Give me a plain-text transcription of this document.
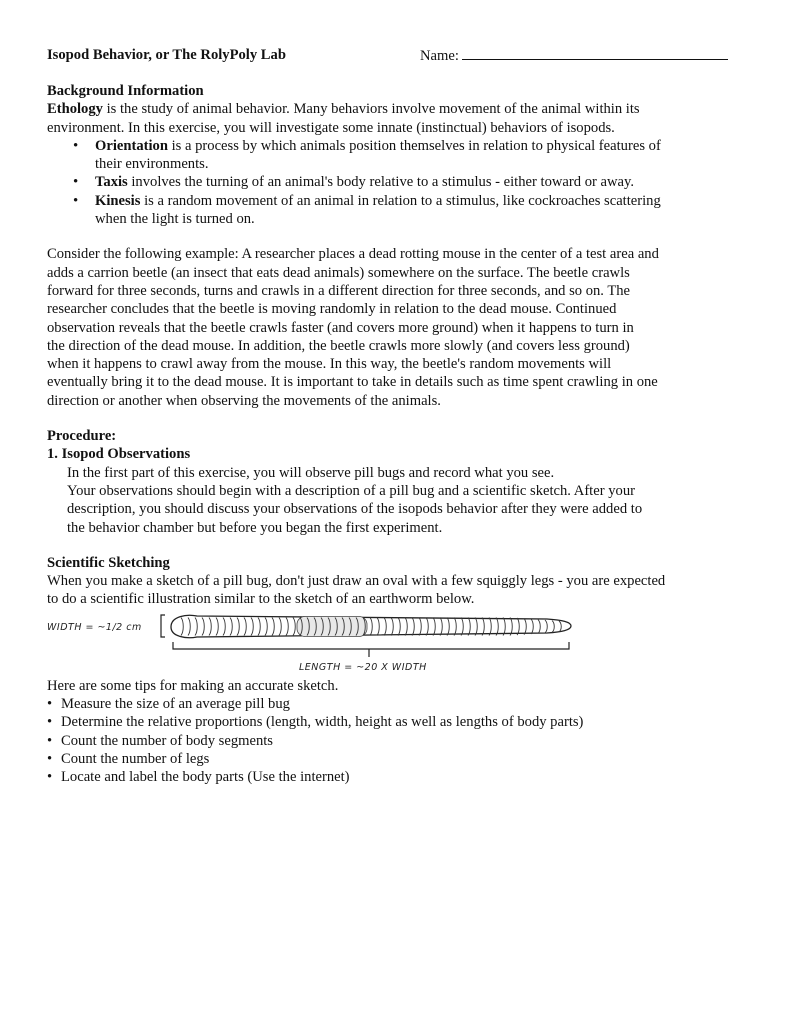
Isopod Behavior, or The RolyPoly Lab	Name:

Background Information

Ethology is the study of animal behavior. Many behaviors involve movement of the animal within its

environment. In this exercise, you will investigate some innate (instinctual) behaviors of isopods.

• Orientation is a process by which animals position themselves in relation to physical features of
their environments.
• Taxis involves the turning of an animal's body relative to a stimulus - either toward or away.
• Kinesis is a random movement of an animal in relation to a stimulus, like cockroaches scattering
when the light is turned on.

Consider the following example: A researcher places a dead rotting mouse in the center of a test area and

adds a carrion beetle (an insect that eats dead animals) somewhere on the surface. The beetle crawls

forward for three seconds, turns and crawls in a different direction for three seconds, and so on. The

researcher concludes that the beetle is moving randomly in relation to the dead mouse. Continued

observation reveals that the beetle crawls faster (and covers more ground) when it happens to turn in

the direction of the dead mouse. In addition, the beetle crawls more slowly (and covers less ground)

when it happens to crawl away from the mouse. In this way, the beetle's random movements will

eventually bring it to the dead mouse. It is important to take in details such as time spent crawling in one

direction or another when observing the movements of the animals.

Procedure:

1. Isopod Observations

In the first part of this exercise, you will observe pill bugs and record what you see.

Your observations should begin with a description of a pill bug and a scientific sketch. After your

description, you should discuss your observations of the isopods behavior after they were added to

the behavior chamber but before you began the first experiment.

Scientific Sketching

When you make a sketch of a pill bug, don't just draw an oval with a few squiggly legs - you are expected

to do a scientific illustration similar to the sketch of an earthworm below.

WIDTH = ~1/2 cm
LENGTH = ~20 X WIDTH

Here are some tips for making an accurate sketch.

• Measure the size of an average pill bug
• Determine the relative proportions (length, width, height as well as lengths of body parts)
• Count the number of body segments
• Count the number of legs
• Locate and label the body parts (Use the internet)
